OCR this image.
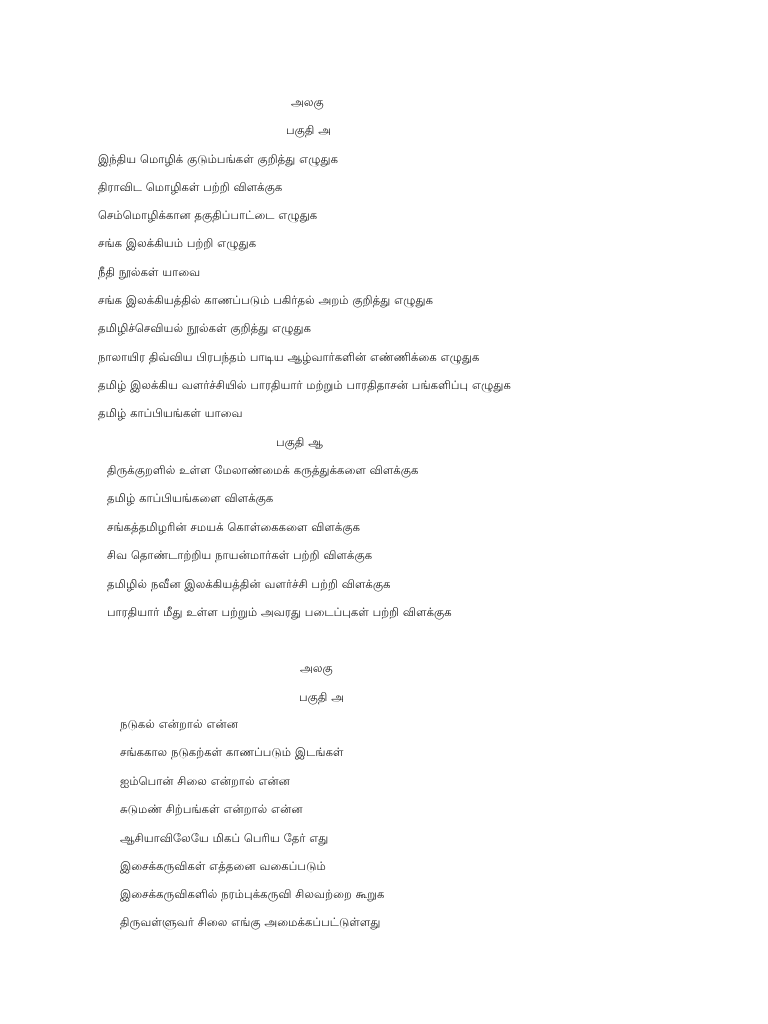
அலகு
பகுதி அ
இந்திய மொழிக் குடும்பங்கள் குறித்து எழுதுக
திராவிட மொழிகள் பற்றி விளக்குக
செம்மொழிக்கான தகுதிப்பாட்டை எழுதுக
சங்க இலக்கியம் பற்றி எழுதுக
நீதி நூல்கள் யாவை
சங்க இலக்கியத்தில் காணப்படும் பகிர்தல் அறம் குறித்து எழுதுக
தமிழிச்செவியல் நூல்கள் குறித்து எழுதுக
நாலாயிர திவ்விய பிரபந்தம் பாடிய ஆழ்வார்களின் எண்ணிக்கை எழுதுக
தமிழ் இலக்கிய வளர்ச்சியில் பாரதியார் மற்றும் பாரதிதாசன் பங்களிப்பு எழுதுக
தமிழ் காப்பியங்கள் யாவை
பகுதி ஆ
திருக்குறளில் உள்ள மேலாண்மைக் கருத்துக்களை விளக்குக
தமிழ் காப்பியங்களை விளக்குக
சங்கத்தமிழரின் சமயக் கொள்கைகளை விளக்குக
சிவ தொண்டாற்றிய நாயன்மார்கள் பற்றி விளக்குக
தமிழில் நவீன இலக்கியத்தின் வளர்ச்சி பற்றி விளக்குக
பாரதியார் மீது உள்ள பற்றும் அவரது படைப்புகள் பற்றி விளக்குக
அலகு
பகுதி அ
நடுகல் என்றால் என்ன
சங்ககால நடுகற்கள் காணப்படும் இடங்கள்
ஐம்பொன் சிலை என்றால் என்ன
சுடுமண் சிற்பங்கள் என்றால் என்ன
ஆசியாவிலேயே மிகப் பெரிய தேர் எது
இசைக்கருவிகள் எத்தனை வகைப்படும்
இசைக்கருவிகளில் நரம்புக்கருவி சிலவற்றை கூறுக
திருவள்ளுவர் சிலை எங்கு அமைக்கப்பட்டுள்ளது
